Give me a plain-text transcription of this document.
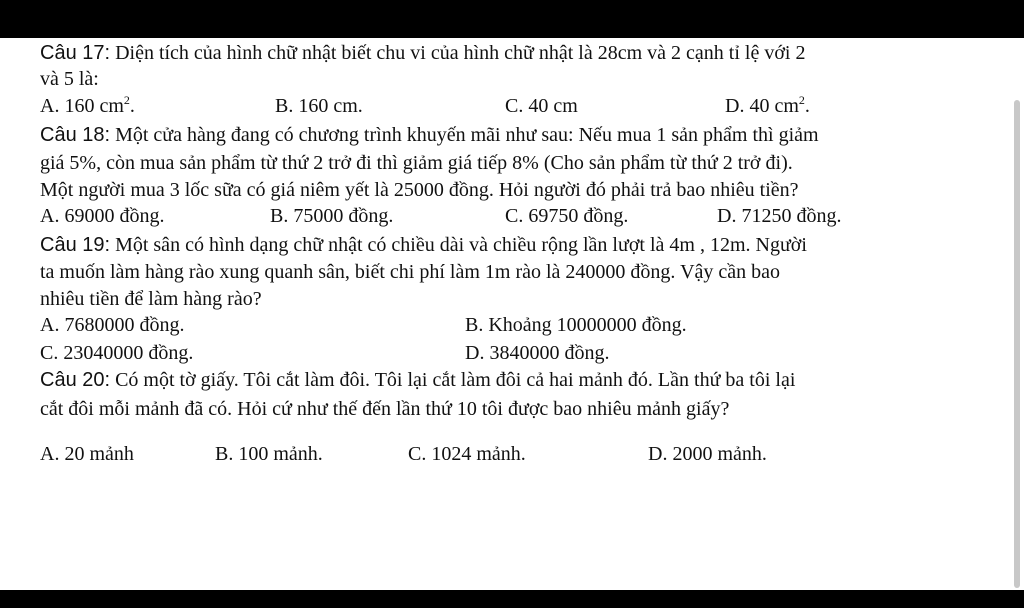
Câu 17: Diện tích của hình chữ nhật biết chu vi của hình chữ nhật là 28cm và 2 cạnh tỉ lệ với 2
và 5 là:
A. 160 $cm^2$.	B. 160 cm.	C. 40 cm	D. 40 $cm^2$.
Câu 18: Một cửa hàng đang có chương trình khuyến mãi như sau: Nếu mua 1 sản phẩm thì giảm
giá 5%, còn mua sản phẩm từ thứ 2 trở đi thì giảm giá tiếp 8% (Cho sản phẩm từ thứ 2 trở đi).
Một người mua 3 lốc sữa có giá niêm yết là 25000 đồng. Hỏi người đó phải trả bao nhiêu tiền?
A. 69000 đồng.	B. 75000 đồng.	C. 69750 đồng.	D. 71250 đồng.
Câu 19: Một sân có hình dạng chữ nhật có chiều dài và chiều rộng lần lượt là 4m , 12m. Người
ta muốn làm hàng rào xung quanh sân, biết chi phí làm 1m rào là 240000 đồng. Vậy cần bao
nhiêu tiền để làm hàng rào?
A. 7680000 đồng.	B. Khoảng 10000000 đồng.
C. 23040000 đồng.	D. 3840000 đồng.
Câu 20: Có một tờ giấy. Tôi cắt làm đôi. Tôi lại cắt làm đôi cả hai mảnh đó. Lần thứ ba tôi lại
cắt đôi mỗi mảnh đã có. Hỏi cứ như thế đến lần thứ 10 tôi được bao nhiêu mảnh giấy?
A. 20 mảnh	B. 100 mảnh.	C. 1024 mảnh.	D. 2000 mảnh.
